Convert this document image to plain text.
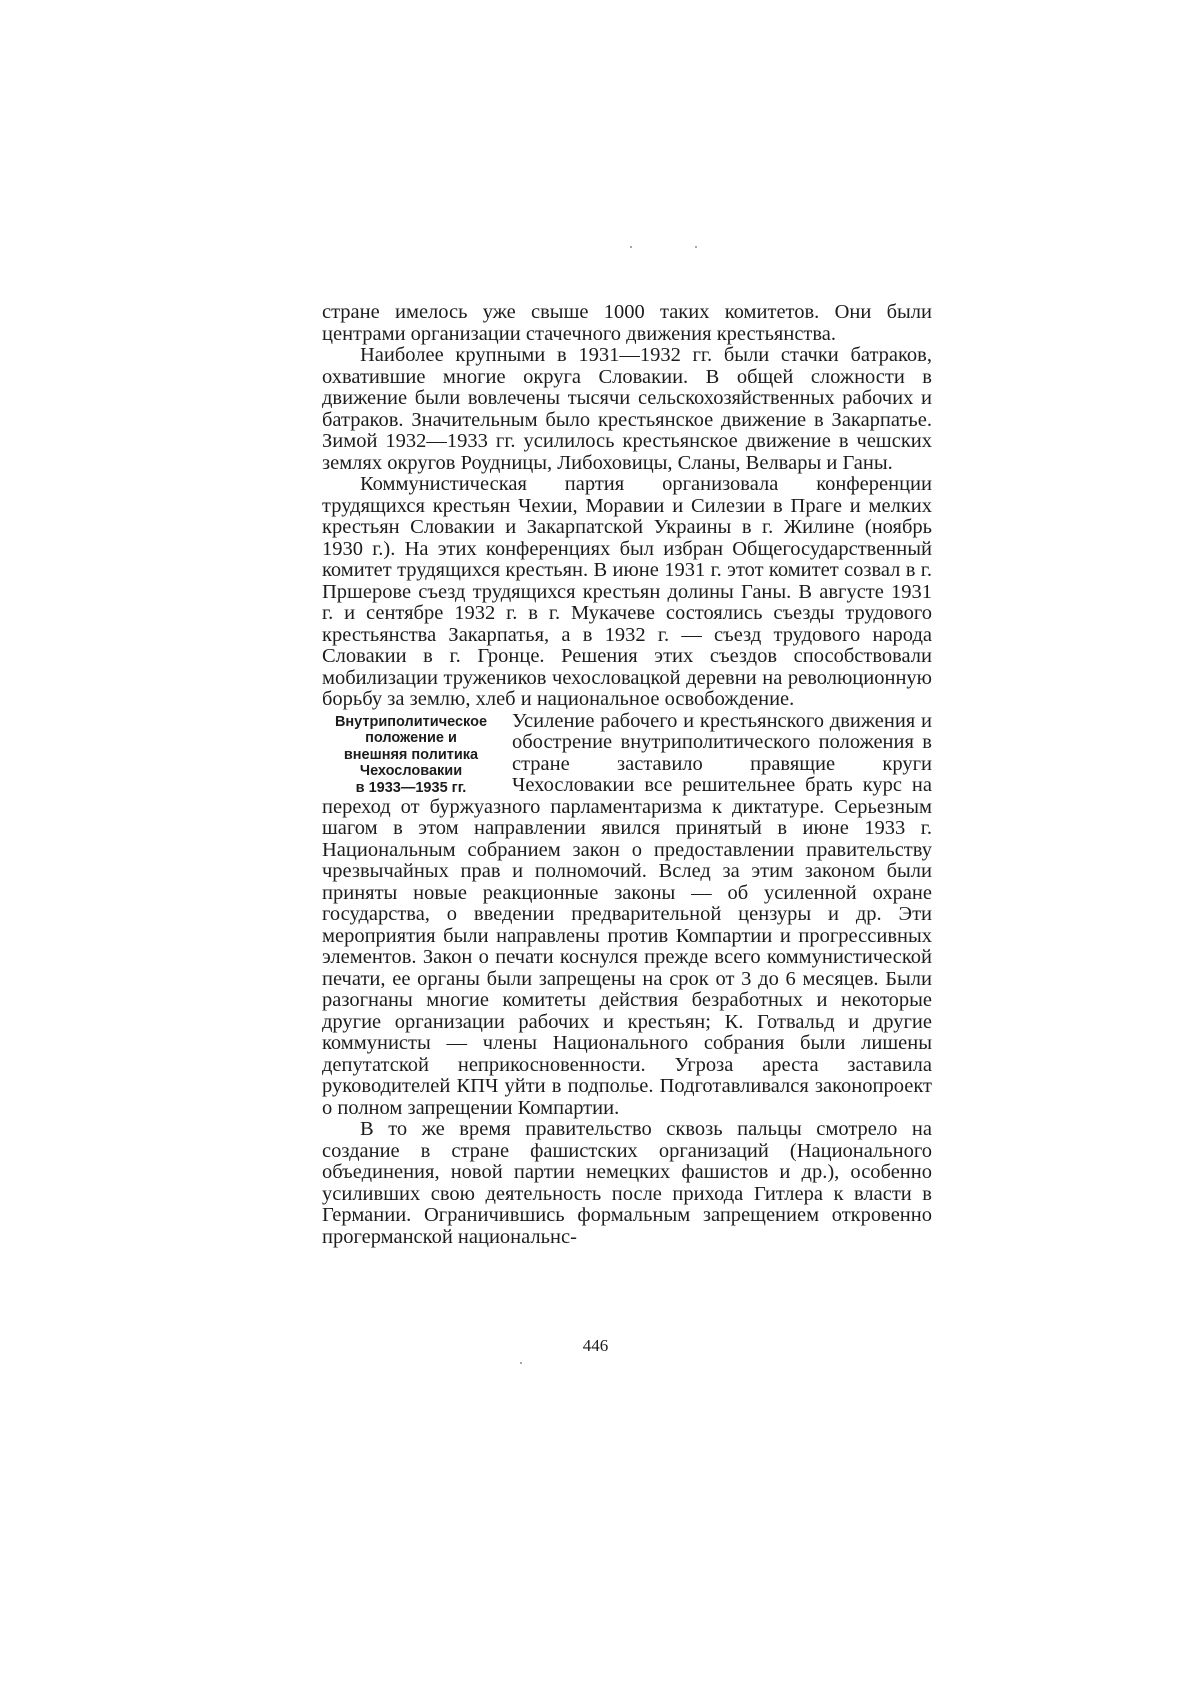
стране имелось уже свыше 1000 таких комитетов. Они были центрами организации стачечного движения крестьянства.

Наиболее крупными в 1931—1932 гг. были стачки батраков, охватившие многие округа Словакии. В общей сложности в движение были вовлечены тысячи сельскохозяйственных рабочих и батраков. Значительным было крестьянское движение в Закарпатье. Зимой 1932—1933 гг. усилилось крестьянское движение в чешских землях округов Роудницы, Либоховицы, Сланы, Велвары и Ганы.

Коммунистическая партия организовала конференции трудящихся крестьян Чехии, Моравии и Силезии в Праге и мелких крестьян Словакии и Закарпатской Украины в г. Жилине (ноябрь 1930 г.). На этих конференциях был избран Общегосударственный комитет трудящихся крестьян. В июне 1931 г. этот комитет созвал в г. Пршерове съезд трудящихся крестьян долины Ганы. В августе 1931 г. и сентябре 1932 г. в г. Мукачеве состоялись съезды трудового крестьянства Закарпатья, а в 1932 г. — съезд трудового народа Словакии в г. Гронце. Решения этих съездов способствовали мобилизации тружеников чехословацкой деревни на революционную борьбу за землю, хлеб и национальное освобождение.

Внутриполитическое
положение и
внешняя политика
Чехословакии
в 1933—1935 гг.

Усиление рабочего и крестьянского движения и обострение внутриполитического положения в стране заставило правящие круги Чехословакии все решительнее брать курс на переход от буржуазного парламентаризма к диктатуре. Серьезным шагом в этом направлении явился принятый в июне 1933 г. Национальным собранием закон о предоставлении правительству чрезвычайных прав и полномочий. Вслед за этим законом были приняты новые реакционные законы — об усиленной охране государства, о введении предварительной цензуры и др. Эти мероприятия были направлены против Компартии и прогрессивных элементов. Закон о печати коснулся прежде всего коммунистической печати, ее органы были запрещены на срок от 3 до 6 месяцев. Были разогнаны многие комитеты действия безработных и некоторые другие организации рабочих и крестьян; К. Готвальд и другие коммунисты — члены Национального собрания были лишены депутатской неприкосновенности. Угроза ареста заставила руководителей КПЧ уйти в подполье. Подготавливался законопроект о полном запрещении Компартии.

В то же время правительство сквозь пальцы смотрело на создание в стране фашистских организаций (Национального объединения, новой партии немецких фашистов и др.), особенно усиливших свою деятельность после прихода Гитлера к власти в Германии. Ограничившись формальным запрещением откровенно прогерманской национальнс-

446
